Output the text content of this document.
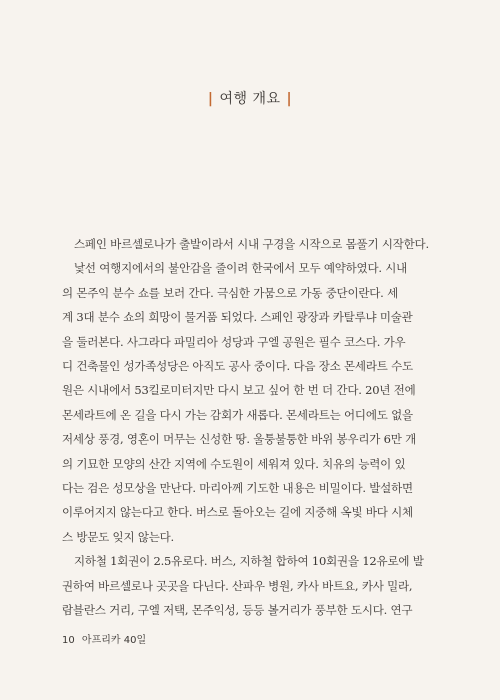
| 여행 개요 |
스페인 바르셀로나가 출발이라서 시내 구경을 시작으로 몸풀기 시작한다.
낯선 여행지에서의 불안감을 줄이려 한국에서 모두 예약하였다. 시내
의 몬주익 분수 쇼를 보러 간다. 극심한 가뭄으로 가동 중단이란다. 세
계 3대 분수 쇼의 희망이 물거품 되었다. 스페인 광장과 카탈루냐 미술관
을 둘러본다. 사그라다 파밀리아 성당과 구엘 공원은 필수 코스다. 가우
디 건축물인 성가족성당은 아직도 공사 중이다. 다음 장소 몬세라트 수도
원은 시내에서 53킬로미터지만 다시 보고 싶어 한 번 더 간다. 20년 전에
몬세라트에 온 길을 다시 가는 감회가 새롭다. 몬세라트는 어디에도 없을
저세상 풍경, 영혼이 머무는 신성한 땅. 울퉁불퉁한 바위 봉우리가 6만 개
의 기묘한 모양의 산간 지역에 수도원이 세워져 있다. 치유의 능력이 있
다는 검은 성모상을 만난다. 마리아께 기도한 내용은 비밀이다. 발설하면
이루어지지 않는다고 한다. 버스로 돌아오는 길에 지중해 옥빛 바다 시체
스 방문도 잊지 않는다.
지하철 1회권이 2.5유로다. 버스, 지하철 합하여 10회권을 12유로에 발
권하여 바르셀로나 곳곳을 다닌다. 산파우 병원, 카사 바트요, 카사 밀라,
람블란스 거리, 구엘 저택, 몬주익성, 등등 볼거리가 풍부한 도시다. 연구
10 아프리카 40일
